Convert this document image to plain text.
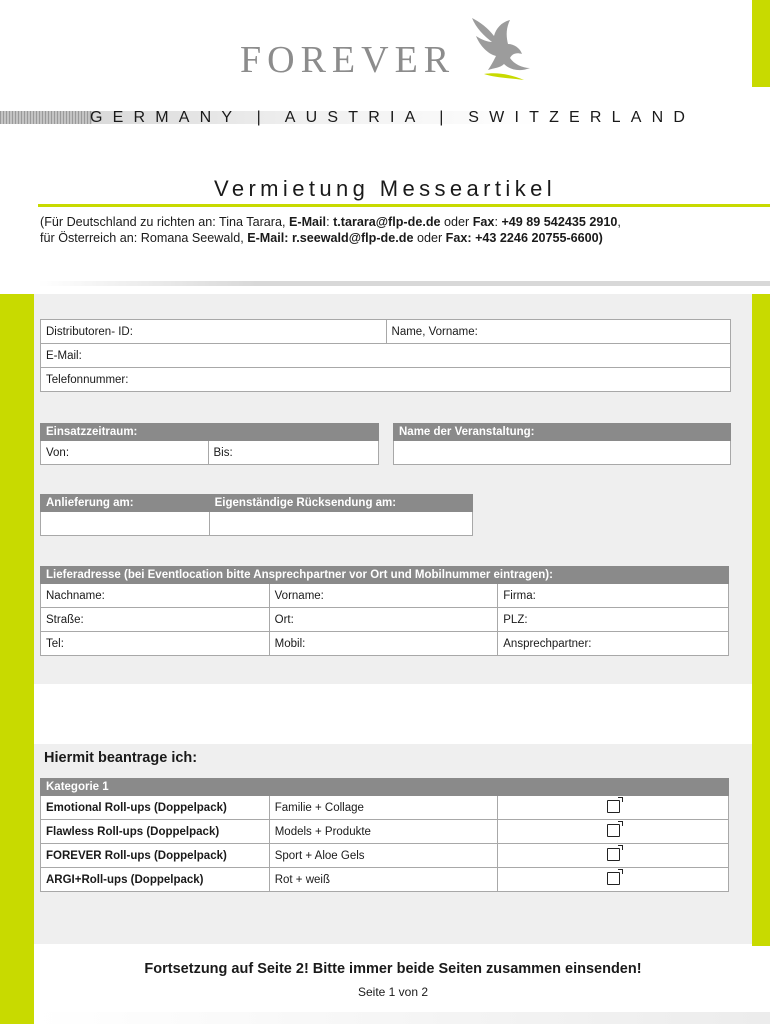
FOREVER
GERMANY | AUSTRIA | SWITZERLAND
Vermietung Messeartikel
(Für Deutschland zu richten an: Tina Tarara, E-Mail: t.tarara@flp-de.de oder Fax: +49 89 542435 2910,
für Österreich an: Romana Seewald, E-Mail: r.seewald@flp-de.de oder Fax: +43 2246 20755-6600)
Distributoren- ID:	Name, Vorname:
E-Mail:
Telefonnummer:
Einsatzzeitraum:
Von:	Bis:
Name der Veranstaltung:

Anlieferung am:	Eigenständige Rücksendung am:

Lieferadresse (bei Eventlocation bitte Ansprechpartner vor Ort und Mobilnummer eintragen):		
Nachname:	Vorname:	Firma:
Straße:	Ort:	PLZ:
Tel:	Mobil:	Ansprechpartner:
Hiermit beantrage ich:
Kategorie 1		
Emotional Roll-ups (Doppelpack)	Familie + Collage	
Flawless Roll-ups (Doppelpack)	Models + Produkte	
FOREVER Roll-ups (Doppelpack)	Sport + Aloe Gels	
ARGI+Roll-ups (Doppelpack)	Rot + weiß	
Fortsetzung auf Seite 2! Bitte immer beide Seiten zusammen einsenden!
Seite 1 von 2
